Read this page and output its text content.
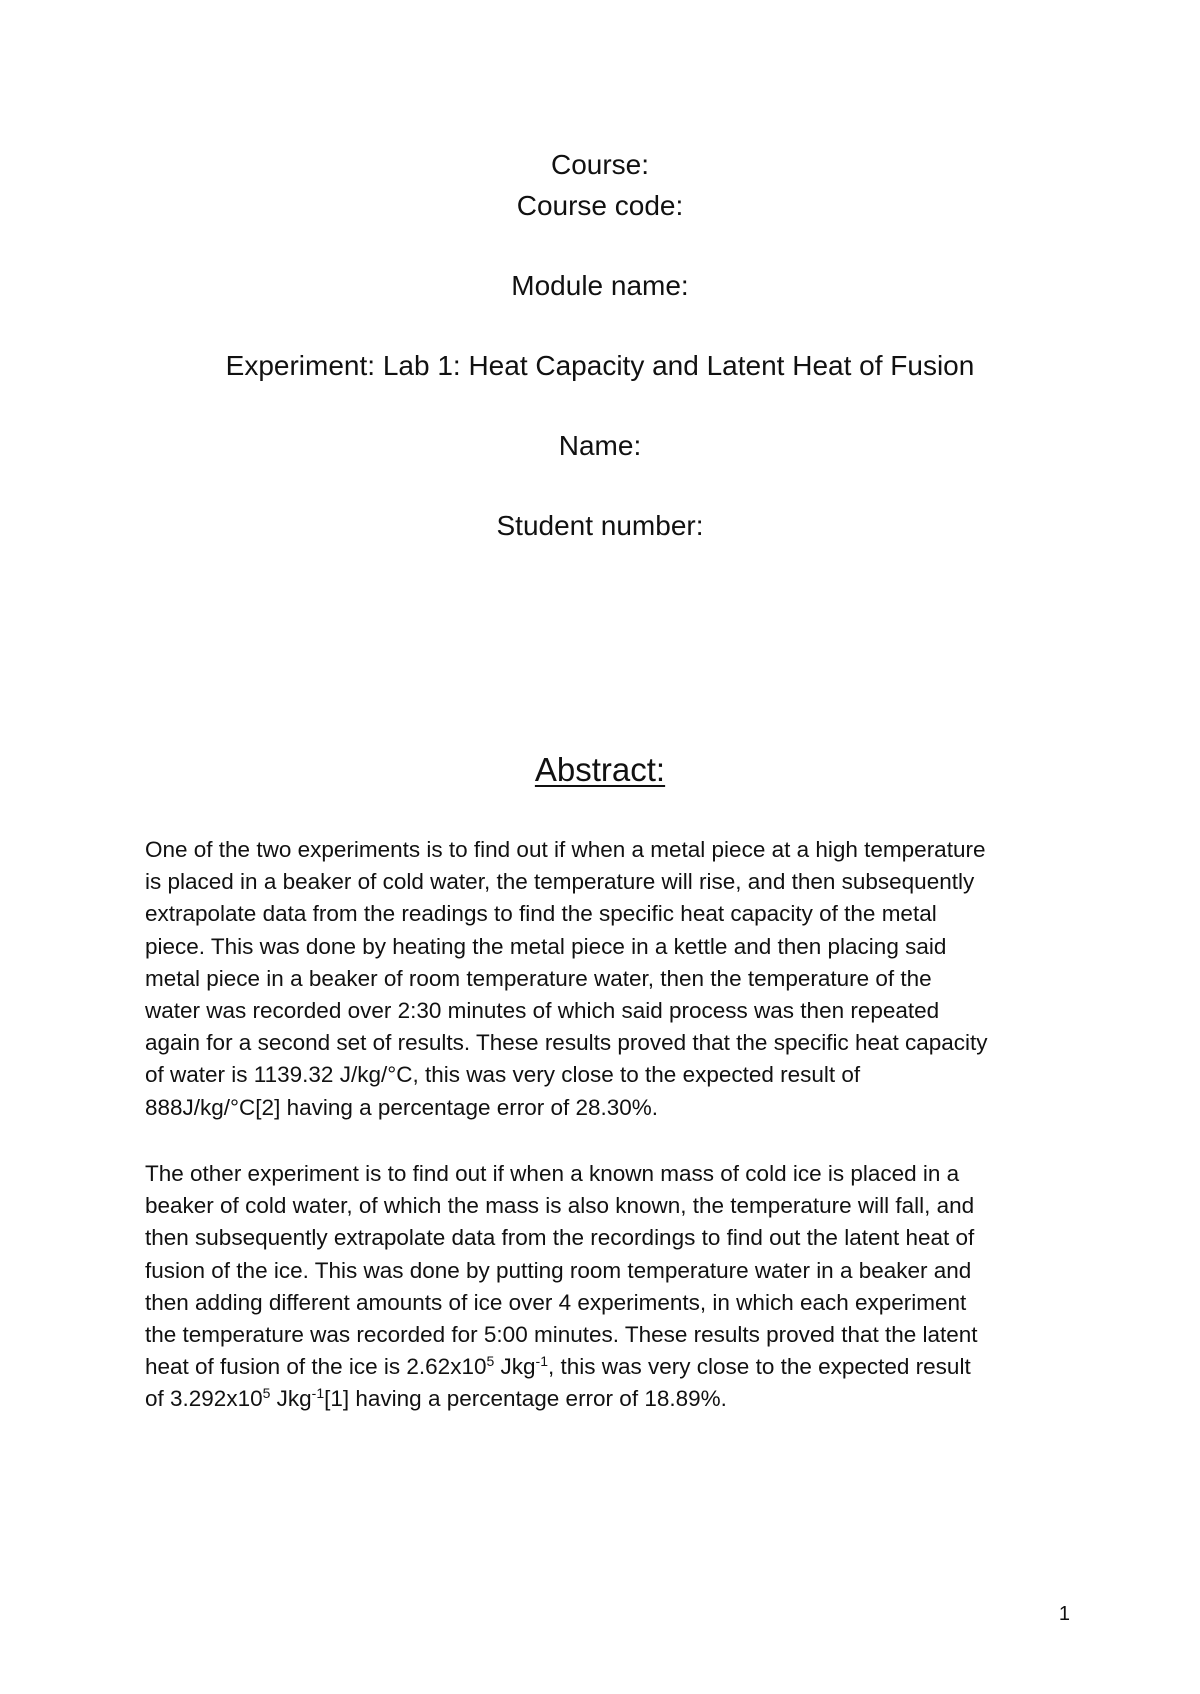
Course:
Course code:
Module name:
Experiment: Lab 1: Heat Capacity and Latent Heat of Fusion
Name:
Student number:
Abstract:
One of the two experiments is to find out if when a metal piece at a high temperature
is placed in a beaker of cold water, the temperature will rise, and then subsequently
extrapolate data from the readings to find the specific heat capacity of the metal
piece. This was done by heating the metal piece in a kettle and then placing said
metal piece in a beaker of room temperature water, then the temperature of the
water was recorded over 2:30 minutes of which said process was then repeated
again for a second set of results. These results proved that the specific heat capacity
of water is 1139.32 J/kg/°C, this was very close to the expected result of
888J/kg/°C[2] having a percentage error of 28.30%.
The other experiment is to find out if when a known mass of cold ice is placed in a
beaker of cold water, of which the mass is also known, the temperature will fall, and
then subsequently extrapolate data from the recordings to find out the latent heat of
fusion of the ice. This was done by putting room temperature water in a beaker and
then adding different amounts of ice over 4 experiments, in which each experiment
the temperature was recorded for 5:00 minutes. These results proved that the latent
heat of fusion of the ice is $2.62x10^5$ Jkg$^{-1}$, this was very close to the expected result
of $3.292x10^5$ Jkg$^{-1}$[1] having a percentage error of 18.89%.
1
